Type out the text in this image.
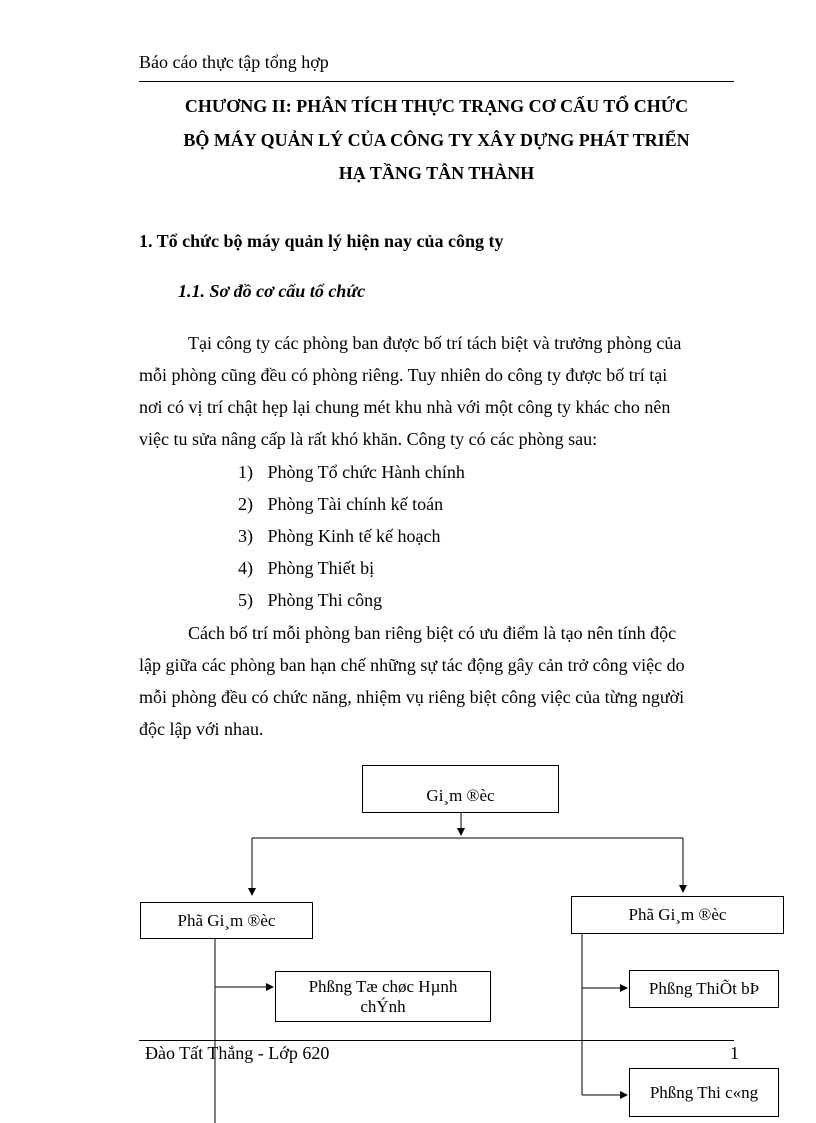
Báo cáo thực tập tổng hợp
CHƯƠNG II: PHÂN TÍCH THỰC TRẠNG CƠ CẤU TỔ CHỨC
BỘ MÁY QUẢN LÝ CỦA CÔNG TY XÂY DỰNG PHÁT TRIỂN
HẠ TẦNG TÂN THÀNH
1. Tổ chức bộ máy quản lý hiện nay của công ty
1.1. Sơ đồ cơ cấu tổ chức
Tại công ty các phòng ban được bố trí tách biệt và trưởng phòng của
mỗi phòng cũng đều có phòng riêng. Tuy nhiên do công ty được bố trí tại
nơi có vị trí chật hẹp lại chung mét khu nhà với một công ty khác cho nên
việc tu sửa nâng cấp là rất khó khăn. Công ty có các phòng sau:
1) Phòng Tổ chức Hành chính
2) Phòng Tài chính kế toán
3) Phòng Kinh tế kế hoạch
4) Phòng Thiết bị
5) Phòng Thi công
Cách bố trí mỗi phòng ban riêng biệt có ưu điểm là tạo nên tính độc
lập giữa các phòng ban hạn chế những sự tác động gây cản trở công việc do
mỗi phòng đều có chức năng, nhiệm vụ riêng biệt công việc của từng người
độc lập với nhau.
Gi¸m ®èc
Phã Gi¸m ®èc	Phã Gi¸m ®èc
Phßng Tæ chøc Hµnh
chÝnh
Phßng ThiÕt bÞ
Phßng Thi c«ng
Đào Tất Thắng - Lớp 620	1
